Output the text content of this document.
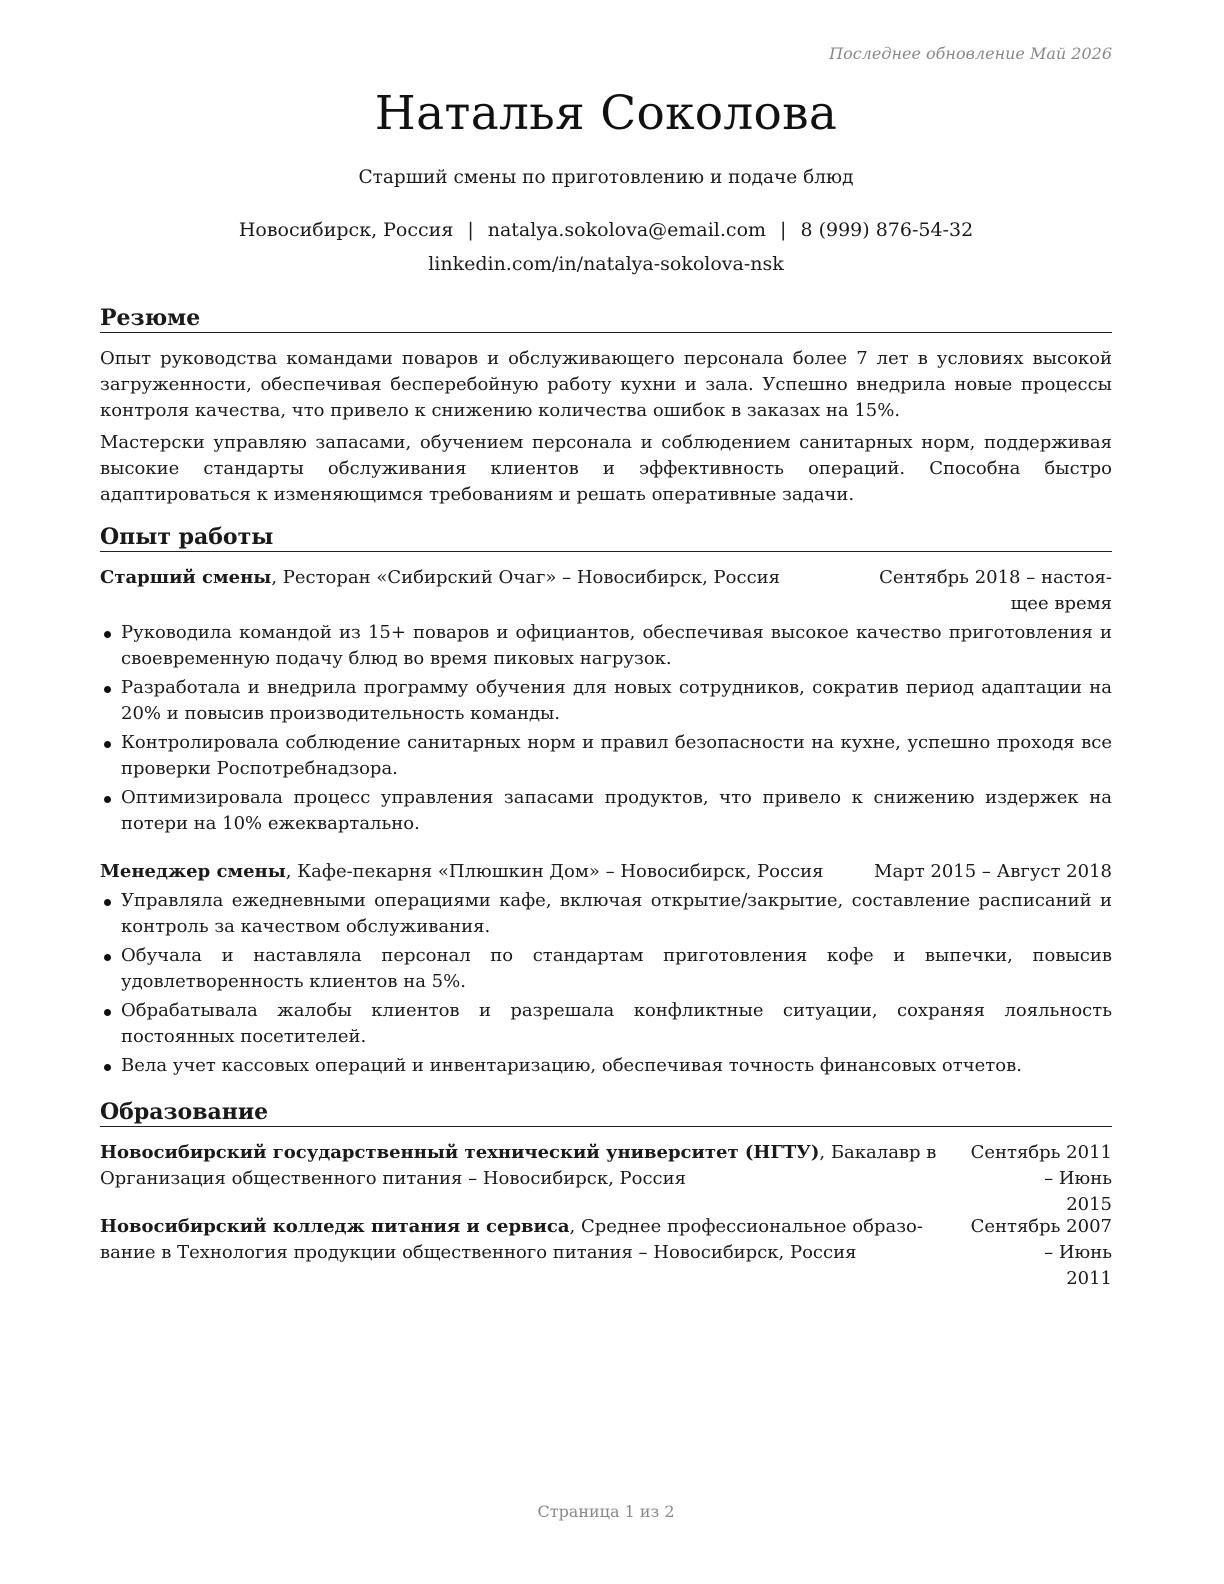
Последнее обновление Май 2026
Наталья Соколова
Старший смены по приготовлению и подаче блюд
Новосибирск, Россия | natalya.sokolova@email.com | 8 (999) 876-54-32
linkedin.com/in/natalya-sokolova-nsk
Резюме

Опыт руководства командами поваров и обслуживающего персонала более 7 лет в условиях высокой загруженности, обеспечивая бесперебойную работу кухни и зала. Успешно внедрила новые процессы контроля качества, что привело к снижению количества ошибок в заказах на 15%.

Мастерски управляю запасами, обучением персонала и соблюдением санитарных норм, поддерживая высокие стандарты обслуживания клиентов и эффективность операций. Способна быстро адаптироваться к изменяющимся требованиям и решать оперативные задачи.

Опыт работы
Старший смены, Ресторан «Сибирский Очаг» – Новосибирск, Россия	Сентябрь 2018 – настоя-
щее время
Руководила командой из 15+ поваров и официантов, обеспечивая высокое качество приготовления и своевременную подачу блюд во время пиковых нагрузок.
Разработала и внедрила программу обучения для новых сотрудников, сократив период адаптации на 20% и повысив производительность команды.
Контролировала соблюдение санитарных норм и правил безопасности на кухне, успешно проходя все проверки Роспотребнадзора.
Оптимизировала процесс управления запасами продуктов, что привело к снижению издержек на потери на 10% ежеквартально.
Менеджер смены, Кафе-пекарня «Плюшкин Дом» – Новосибирск, Россия	Март 2015 – Август 2018
Управляла ежедневными операциями кафе, включая открытие/закрытие, составление расписаний и контроль за качеством обслуживания.
Обучала и наставляла персонал по стандартам приготовления кофе и выпечки, повысив удовлетворенность клиентов на 5%.
Обрабатывала жалобы клиентов и разрешала конфликтные ситуации, сохраняя лояльность постоянных посетителей.
Вела учет кассовых операций и инвентаризацию, обеспечивая точность финансовых отчетов.
Образование
Новосибирский государственный технический университет (НГТУ), Бакалавр в
Организация общественного питания – Новосибирск, Россия
Сентябрь 2011 – Июнь
2015
Новосибирский колледж питания и сервиса, Среднее профессиональное образо-
вание в Технология продукции общественного питания – Новосибирск, Россия
Сентябрь 2007 – Июнь
2011
Страница 1 из 2
